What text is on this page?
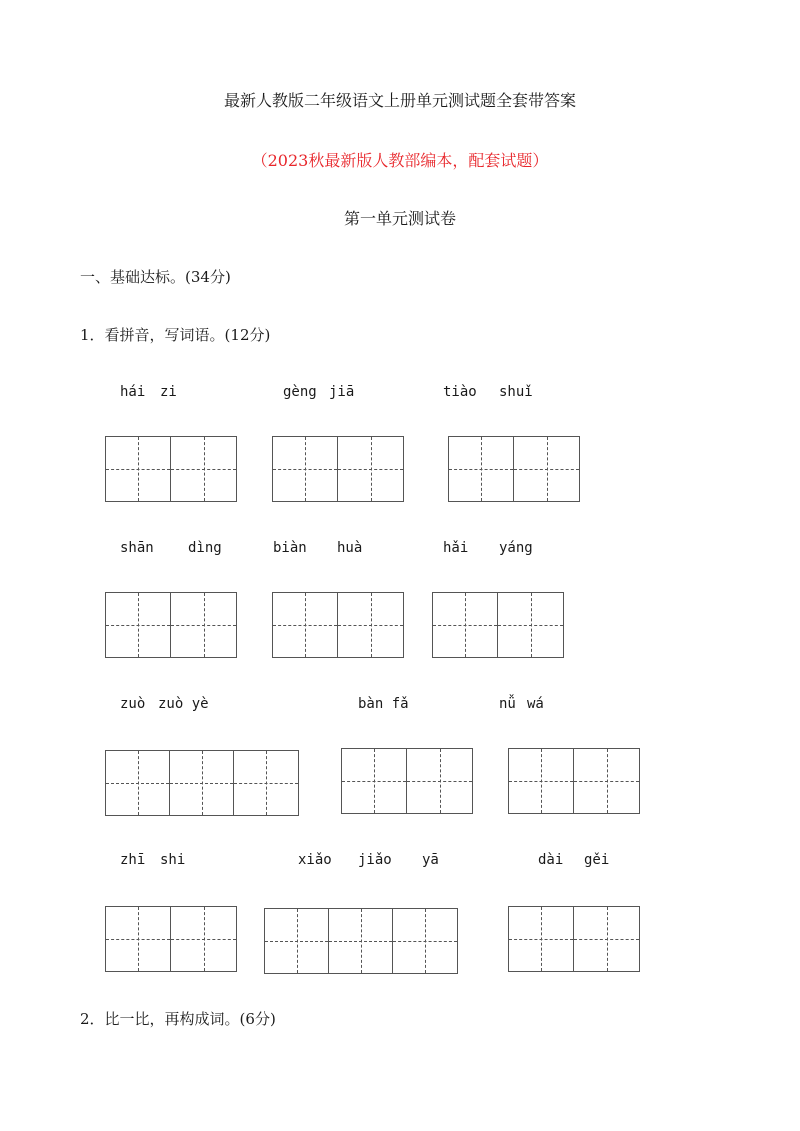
最新人教版二年级语文上册单元测试题全套带答案
（2023秋最新版人教部编本，配套试题）
第一单元测试卷
一、基础达标。(34分)
1．看拼音，写词语。(12分)
hái zi	gèng jiā	tiào shuǐ
shān dìng	biàn huà	hǎi yáng
zuò zuò yè	bàn fǎ	nǚ wá
zhī shi	xiǎo jiǎo yā	dài gěi
2．比一比，再构成词。(6分)
